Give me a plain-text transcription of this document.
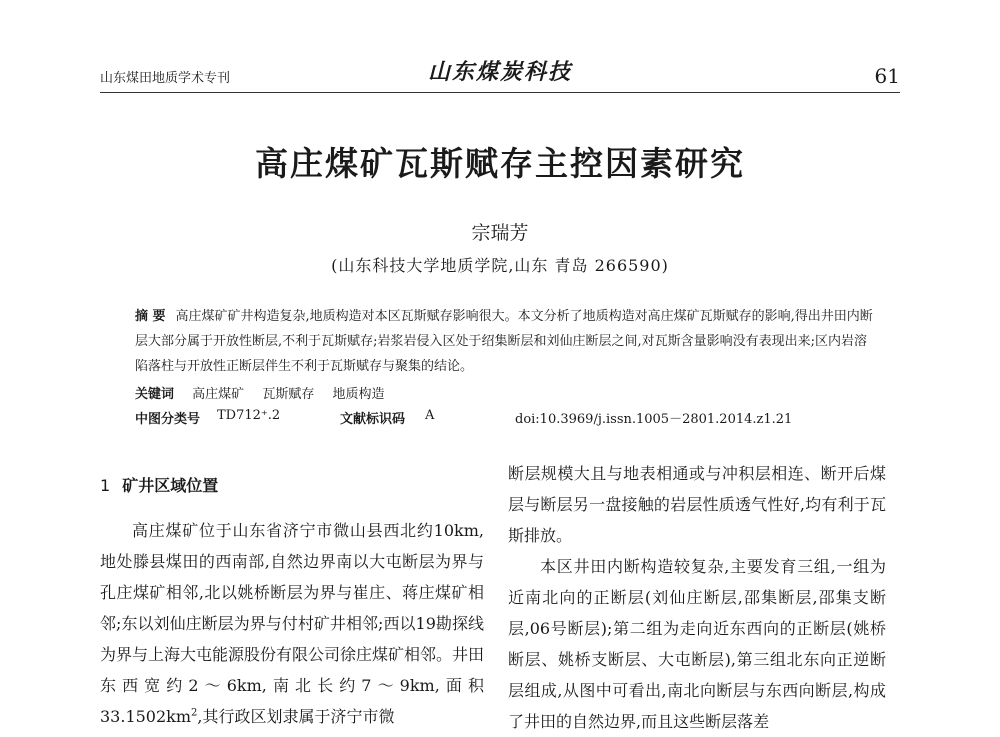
山东煤田地质学术专刊	山东煤炭科技	61
高庄煤矿瓦斯赋存主控因素研究
宗瑞芳
(山东科技大学地质学院,山东 青岛 266590)
摘 要 高庄煤矿矿井构造复杂,地质构造对本区瓦斯赋存影响很大。本文分析了地质构造对高庄煤矿瓦斯赋存的影响,得出井田内断层大部分属于开放性断层,不利于瓦斯赋存;岩浆岩侵入区处于绍集断层和刘仙庄断层之间,对瓦斯含量影响没有表现出来;区内岩溶陷落柱与开放性正断层伴生不利于瓦斯赋存与聚集的结论。
关键词 高庄煤矿 瓦斯赋存 地质构造
中图分类号 TD712⁺.2	文献标识码 A	doi:10.3969/j.issn.1005－2801.2014.z1.21
1 矿井区域位置

高庄煤矿位于山东省济宁市微山县西北约10km,地处滕县煤田的西南部,自然边界南以大屯断层为界与孔庄煤矿相邻,北以姚桥断层为界与崔庄、蒋庄煤矿相邻;东以刘仙庄断层为界与付村矿井相邻;西以19勘探线为界与上海大屯能源股份有限公司徐庄煤矿相邻。井田东西宽约2～6km,南北长约7～9km,面积$33.1502km^2$,其行政区划隶属于济宁市微

断层规模大且与地表相通或与冲积层相连、断开后煤层与断层另一盘接触的岩层性质透气性好,均有利于瓦斯排放。

本区井田内断构造较复杂,主要发育三组,一组为近南北向的正断层(刘仙庄断层,邵集断层,邵集支断层,06号断层);第二组为走向近东西向的正断层(姚桥断层、姚桥支断层、大屯断层),第三组北东向正逆断层组成,从图中可看出,南北向断层与东西向断层,构成了井田的自然边界,而且这些断层落差
